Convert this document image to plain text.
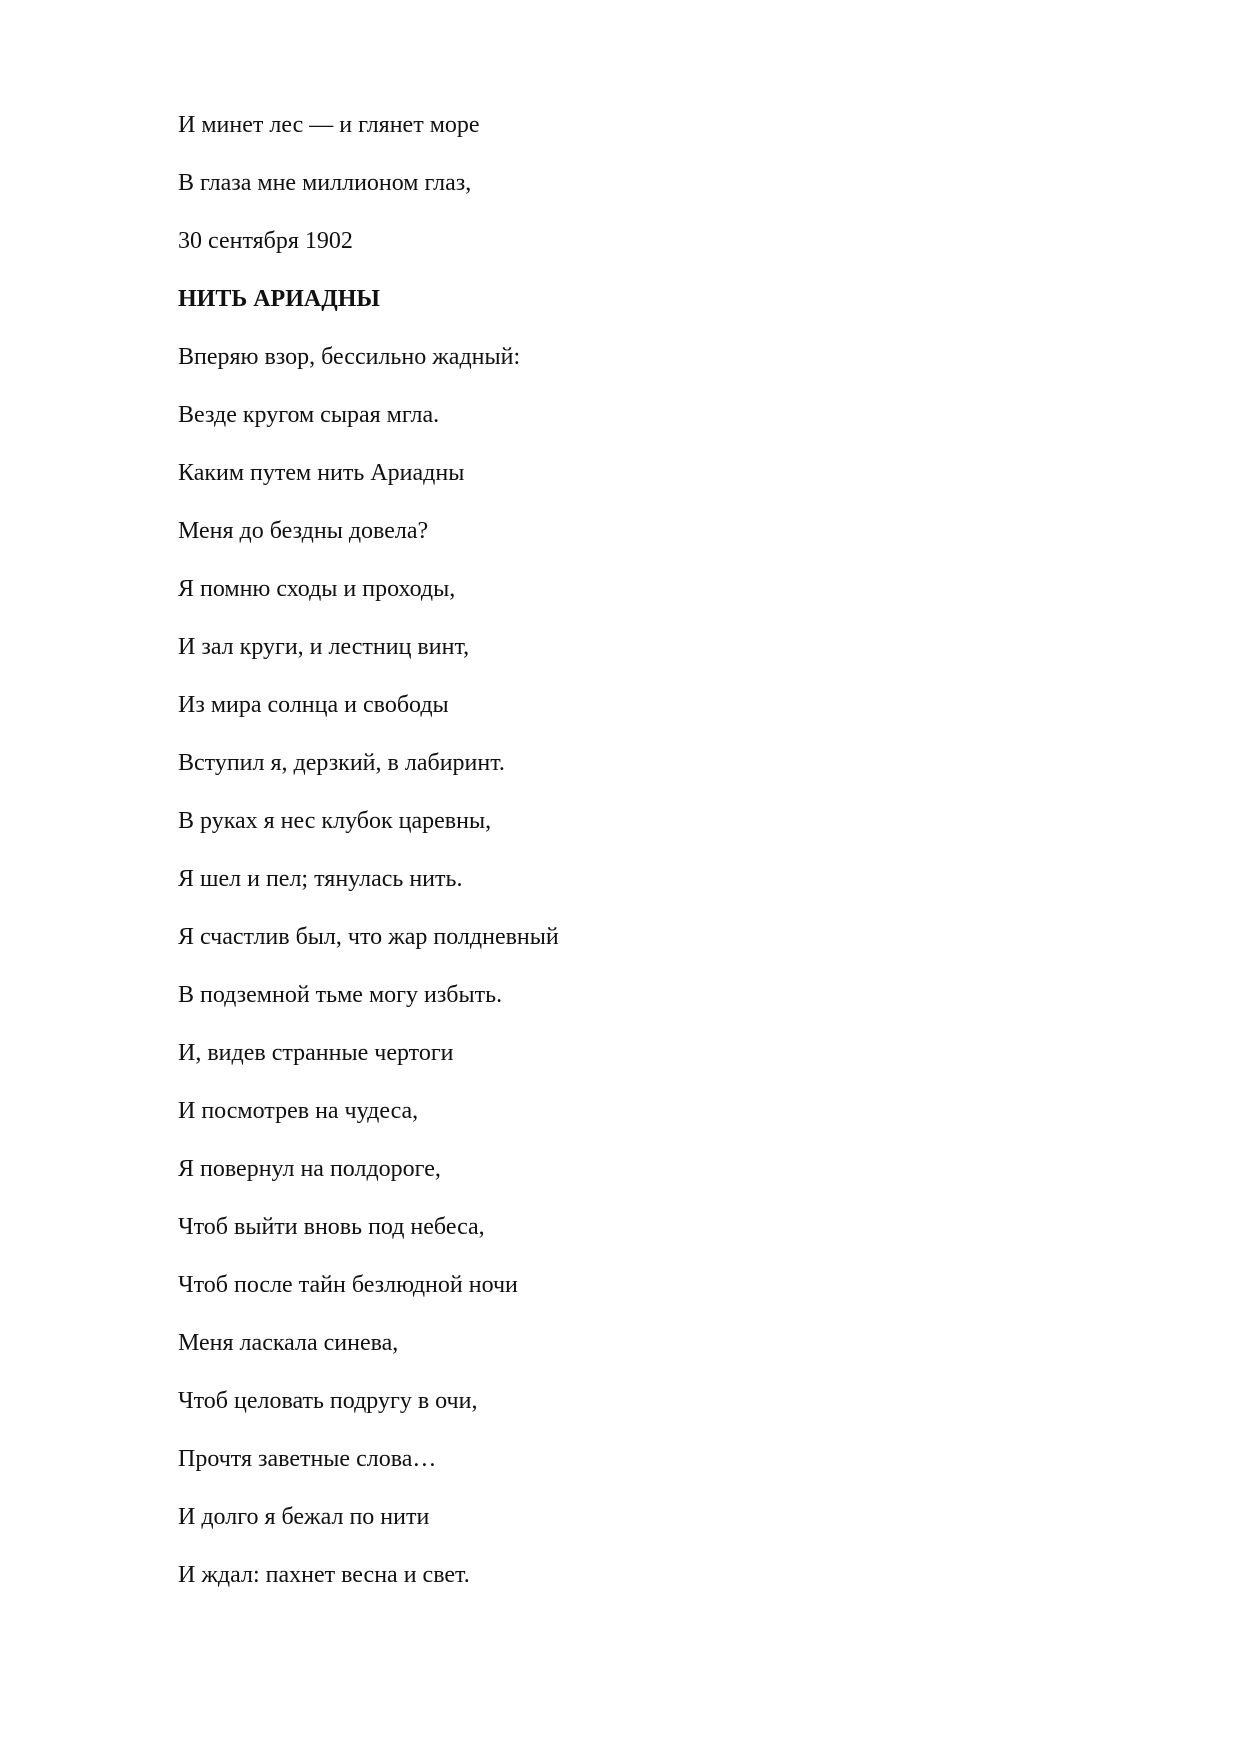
И минет лес — и глянет море
В глаза мне миллионом глаз,
30 сентября 1902
НИТЬ АРИАДНЫ
Вперяю взор, бессильно жадный:
Везде кругом сырая мгла.
Каким путем нить Ариадны
Меня до бездны довела?
Я помню сходы и проходы,
И зал круги, и лестниц винт,
Из мира солнца и свободы
Вступил я, дерзкий, в лабиринт.
В руках я нес клубок царевны,
Я шел и пел; тянулась нить.
Я счастлив был, что жар полдневный
В подземной тьме могу избыть.
И, видев странные чертоги
И посмотрев на чудеса,
Я повернул на полдороге,
Чтоб выйти вновь под небеса,
Чтоб после тайн безлюдной ночи
Меня ласкала синева,
Чтоб целовать подругу в очи,
Прочтя заветные слова…
И долго я бежал по нити
И ждал: пахнет весна и свет.
